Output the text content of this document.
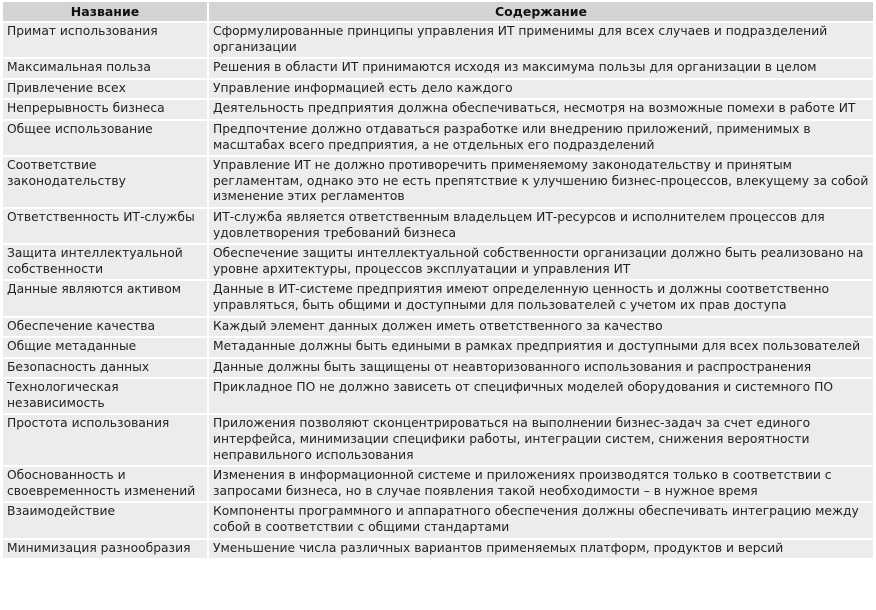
Название	Содержание
Примат использования	Сформулированные принципы управления ИТ применимы для всех случаев и подразделений организации
Максимальная польза	Решения в области ИТ принимаются исходя из максимума пользы для организации в целом
Привлечение всех	Управление информацией есть дело каждого
Непрерывность бизнеса	Деятельность предприятия должна обеспечиваться, несмотря на возможные помехи в работе ИТ
Общее использование	Предпочтение должно отдаваться разработке или внедрению приложений, применимых в масштабах всего предприятия, а не отдельных его подразделений
Соответствие законодательству	Управление ИТ не должно противоречить применяемому законодательству и принятым регламентам, однако это не есть препятствие к улучшению бизнес-процессов, влекущему за собой изменение этих регламентов
Ответственность ИТ-службы	ИТ-служба является ответственным владельцем ИТ-ресурсов и исполнителем процессов для удовлетворения требований бизнеса
Защита интеллектуальной собственности	Обеспечение защиты интеллектуальной собственности организации должно быть реализовано на уровне архитектуры, процессов эксплуатации и управления ИТ
Данные являются активом	Данные в ИТ-системе предприятия имеют определенную ценность и должны соответственно управляться, быть общими и доступными для пользователей с учетом их прав доступа
Обеспечение качества	Каждый элемент данных должен иметь ответственного за качество
Общие метаданные	Метаданные должны быть едиными в рамках предприятия и доступными для всех пользователей
Безопасность данных	Данные должны быть защищены от неавторизованного использования и распространения
Технологическая независимость	Прикладное ПО не должно зависеть от специфичных моделей оборудования и системного ПО
Простота использования	Приложения позволяют сконцентрироваться на выполнении бизнес-задач за счет единого интерфейса, минимизации специфики работы, интеграции систем, снижения вероятности неправильного использования
Обоснованность и своевременность изменений	Изменения в информационной системе и приложениях производятся только в соответствии с запросами бизнеса, но в случае появления такой необходимости – в нужное время
Взаимодействие	Компоненты программного и аппаратного обеспечения должны обеспечивать интеграцию между собой в соответствии с общими стандартами
Минимизация разнообразия	Уменьшение числа различных вариантов применяемых платформ, продуктов и версий
